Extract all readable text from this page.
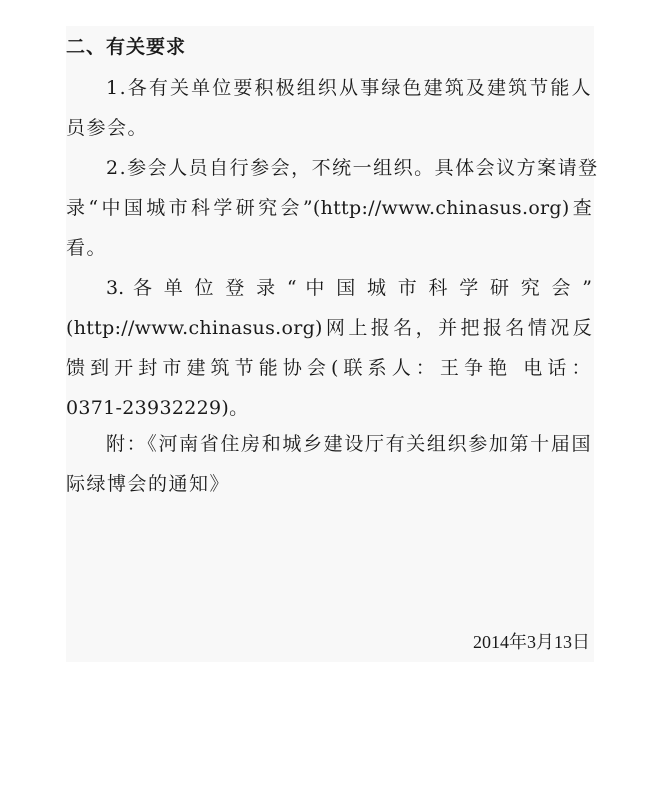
二、有关要求
1.各有关单位要积极组织从事绿色建筑及建筑节能人
员参会。
2.参会人员自行参会，不统一组织。具体会议方案请登
录“中国城市科学研究会”(http://www.chinasus.org)查
看。
3. 各 单 位 登 录 “ 中 国 城 市 科 学 研 究 会 ”
(http://www.chinasus.org)网上报名，并把报名情况反
馈到开封市建筑节能协会(联系人：王争艳 电话：
0371-23932229)。
附：《河南省住房和城乡建设厅有关组织参加第十届国
际绿博会的通知》
2014年3月13日
